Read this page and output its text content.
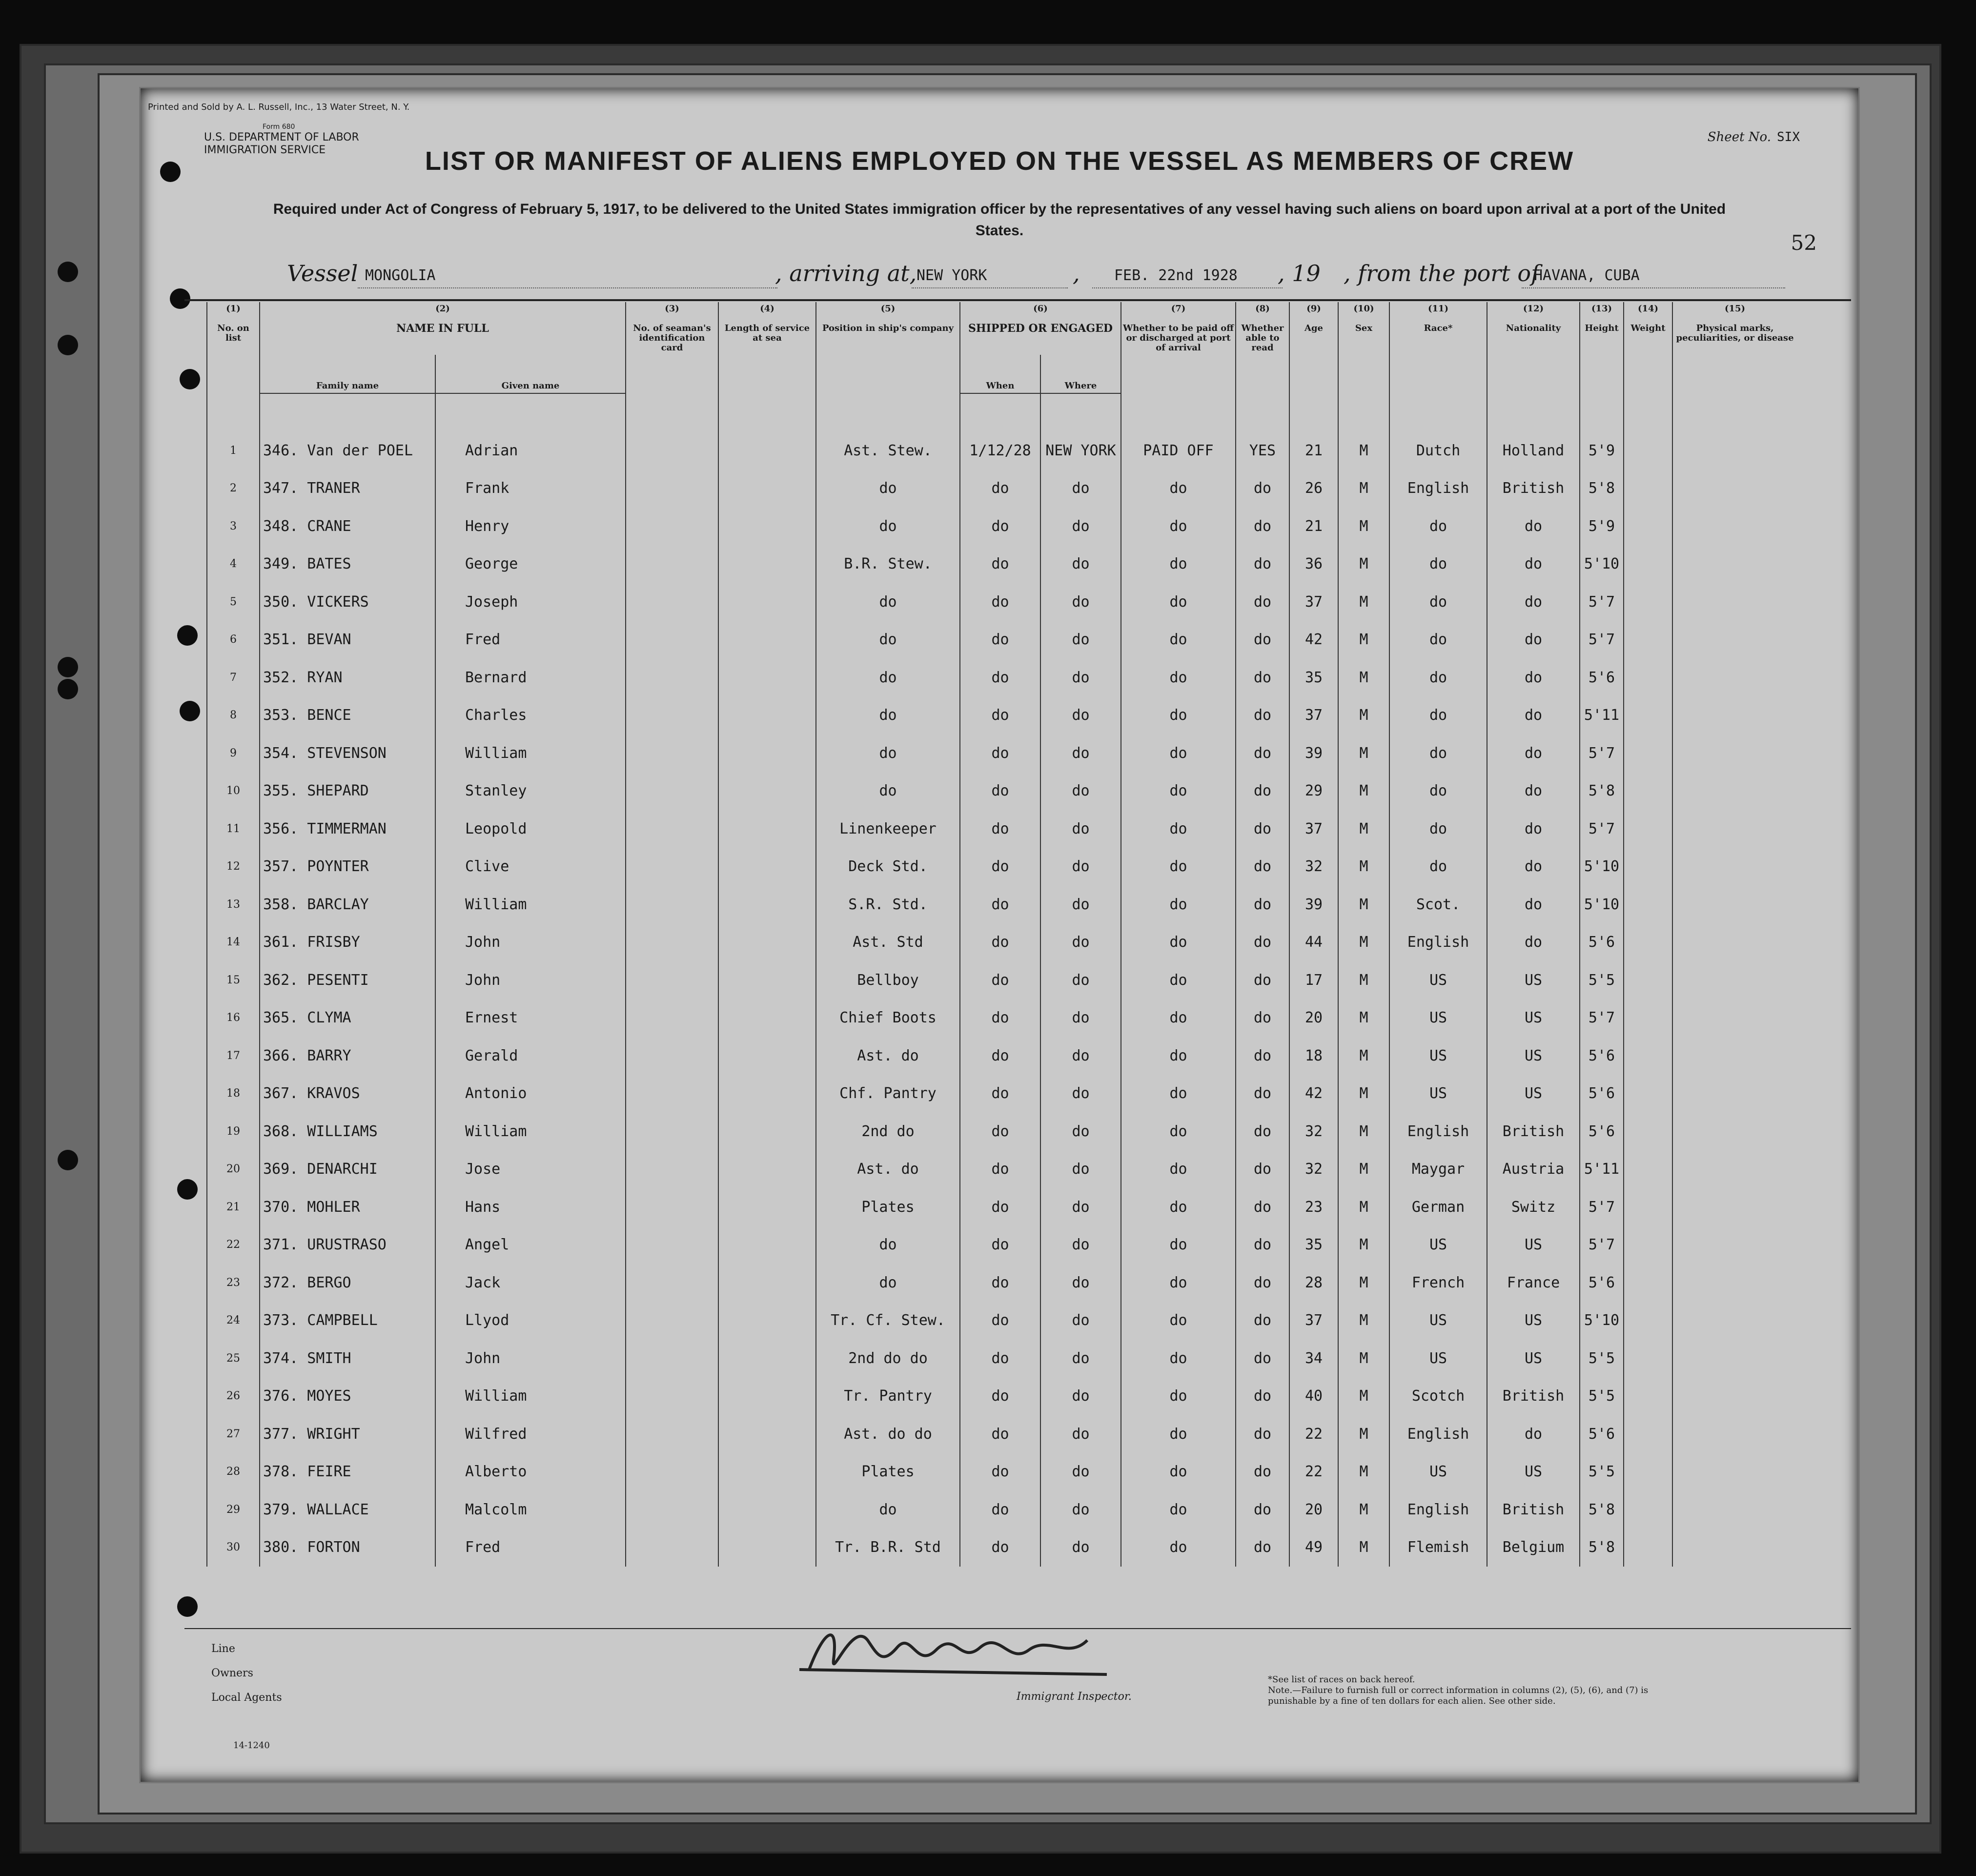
Printed and Sold by A. L. Russell, Inc., 13 Water Street, N. Y.
Form 680
U.S. DEPARTMENT OF LABOR
IMMIGRATION SERVICE
Sheet No. SIX
LIST OR MANIFEST OF ALIENS EMPLOYED ON THE VESSEL AS MEMBERS OF CREW
Required under Act of Congress of February 5, 1917, to be delivered to the United States immigration officer by the representatives of any vessel having such aliens on board upon arrival at a port of the United States.
52
Vessel MONGOLIA	, arriving at, NEW YORK	, FEB. 22nd 1928 , 19 , from the port of
HAVANA, CUBA
(1)	(2)		(3)	(4)	(5)	(6)		(7)	(8)	(9)	(10)	(11)	(12)	(13)	(14)	(15)
No. on list	NAME IN FULL		No. of seaman's identification card	Length of service at sea	Position in ship's company	SHIPPED OR ENGAGED		Whether to be paid off or discharged at port of arrival	Whether able to read	Age	Sex	Race*	Nationality	Height	Weight	Physical marks, peculiarities, or disease
	Family name	Given name				When	Where									

1	346. Van der POEL	Adrian			Ast. Stew.	1/12/28	NEW YORK	PAID OFF	YES	21	M	Dutch	Holland	5'9		
2	347. TRANER	Frank			do	do	do	do	do	26	M	English	British	5'8		
3	348. CRANE	Henry			do	do	do	do	do	21	M	do	do	5'9		
4	349. BATES	George			B.R. Stew.	do	do	do	do	36	M	do	do	5'10		
5	350. VICKERS	Joseph			do	do	do	do	do	37	M	do	do	5'7		
6	351. BEVAN	Fred			do	do	do	do	do	42	M	do	do	5'7		
7	352. RYAN	Bernard			do	do	do	do	do	35	M	do	do	5'6		
8	353. BENCE	Charles			do	do	do	do	do	37	M	do	do	5'11		
9	354. STEVENSON	William			do	do	do	do	do	39	M	do	do	5'7		
10	355. SHEPARD	Stanley			do	do	do	do	do	29	M	do	do	5'8		
11	356. TIMMERMAN	Leopold			Linenkeeper	do	do	do	do	37	M	do	do	5'7		
12	357. POYNTER	Clive			Deck Std.	do	do	do	do	32	M	do	do	5'10		
13	358. BARCLAY	William			S.R. Std.	do	do	do	do	39	M	Scot.	do	5'10		
14	361. FRISBY	John			Ast. Std	do	do	do	do	44	M	English	do	5'6		
15	362. PESENTI	John			Bellboy	do	do	do	do	17	M	US	US	5'5		
16	365. CLYMA	Ernest			Chief Boots	do	do	do	do	20	M	US	US	5'7		
17	366. BARRY	Gerald			Ast. do	do	do	do	do	18	M	US	US	5'6		
18	367. KRAVOS	Antonio			Chf. Pantry	do	do	do	do	42	M	US	US	5'6		
19	368. WILLIAMS	William			2nd do	do	do	do	do	32	M	English	British	5'6		
20	369. DENARCHI	Jose			Ast. do	do	do	do	do	32	M	Maygar	Austria	5'11		
21	370. MOHLER	Hans			Plates	do	do	do	do	23	M	German	Switz	5'7		
22	371. URUSTRASO	Angel			do	do	do	do	do	35	M	US	US	5'7		
23	372. BERGO	Jack			do	do	do	do	do	28	M	French	France	5'6		
24	373. CAMPBELL	Llyod			Tr. Cf. Stew.	do	do	do	do	37	M	US	US	5'10		
25	374. SMITH	John			2nd do do	do	do	do	do	34	M	US	US	5'5		
26	376. MOYES	William			Tr. Pantry	do	do	do	do	40	M	Scotch	British	5'5		
27	377. WRIGHT	Wilfred			Ast. do do	do	do	do	do	22	M	English	do	5'6		
28	378. FEIRE	Alberto			Plates	do	do	do	do	22	M	US	US	5'5		
29	379. WALLACE	Malcolm			do	do	do	do	do	20	M	English	British	5'8		
30	380. FORTON	Fred			Tr. B.R. Std	do	do	do	do	49	M	Flemish	Belgium	5'8		
Line
Owners
Local Agents
14-1240
Immigrant Inspector.
*See list of races on back hereof.
Note.—Failure to furnish full or correct information in columns (2), (5), (6), and (7) is punishable by a fine of ten dollars for each alien. See other side.
